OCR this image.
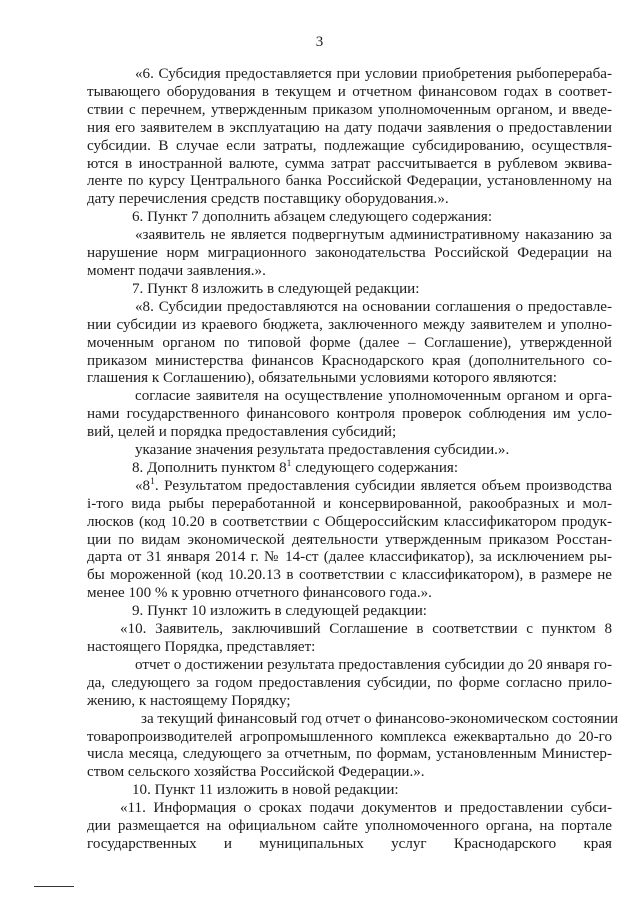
3
«6. Субсидия предоставляется при условии приобретения рыбоперераба-
тывающего оборудования в текущем и отчетном финансовом годах в соответ-
ствии с перечнем, утвержденным приказом уполномоченным органом, и введе-
ния его заявителем в эксплуатацию на дату подачи заявления о предоставлении
субсидии. В случае если затраты, подлежащие субсидированию, осуществля-
ются в иностранной валюте, сумма затрат рассчитывается в рублевом эквива-
ленте по курсу Центрального банка Российской Федерации, установленному на
дату перечисления средств поставщику оборудования.».
6. Пункт 7 дополнить абзацем следующего содержания:
«заявитель не является подвергнутым административному наказанию за
нарушение норм миграционного законодательства Российской Федерации на
момент подачи заявления.».
7. Пункт 8 изложить в следующей редакции:
«8. Субсидии предоставляются на основании соглашения о предоставле-
нии субсидии из краевого бюджета, заключенного между заявителем и уполно-
моченным органом по типовой форме (далее – Соглашение), утвержденной
приказом министерства финансов Краснодарского края (дополнительного со-
глашения к Соглашению), обязательными условиями которого являются:
согласие заявителя на осуществление уполномоченным органом и орга-
нами государственного финансового контроля проверок соблюдения им усло-
вий, целей и порядка предоставления субсидий;
указание значения результата предоставления субсидии.».
8. Дополнить пунктом $8^1$ следующего содержания:
«$8^1$. Результатом предоставления субсидии является объем производства
i-того вида рыбы переработанной и консервированной, ракообразных и мол-
люсков (код 10.20 в соответствии с Общероссийским классификатором продук-
ции по видам экономической деятельности утвержденным приказом Росстан-
дарта от 31 января 2014 г. № 14-ст (далее классификатор), за исключением ры-
бы мороженной (код 10.20.13 в соответствии с классификатором), в размере не
менее 100 % к уровню отчетного финансового года.».
9. Пункт 10 изложить в следующей редакции:
«10. Заявитель, заключивший Соглашение в соответствии с пунктом 8
настоящего Порядка, представляет:
отчет о достижении результата предоставления субсидии до 20 января го-
да, следующего за годом предоставления субсидии, по форме согласно прило-
жению, к настоящему Порядку;
за текущий финансовый год отчет о финансово-экономическом состоянии
товаропроизводителей агропромышленного комплекса ежеквартально до 20-го
числа месяца, следующего за отчетным, по формам, установленным Министер-
ством сельского хозяйства Российской Федерации.».
10. Пункт 11 изложить в новой редакции:
«11. Информация о сроках подачи документов и предоставлении субси-
дии размещается на официальном сайте уполномоченного органа, на портале
государственных и муниципальных услуг Краснодарского края
